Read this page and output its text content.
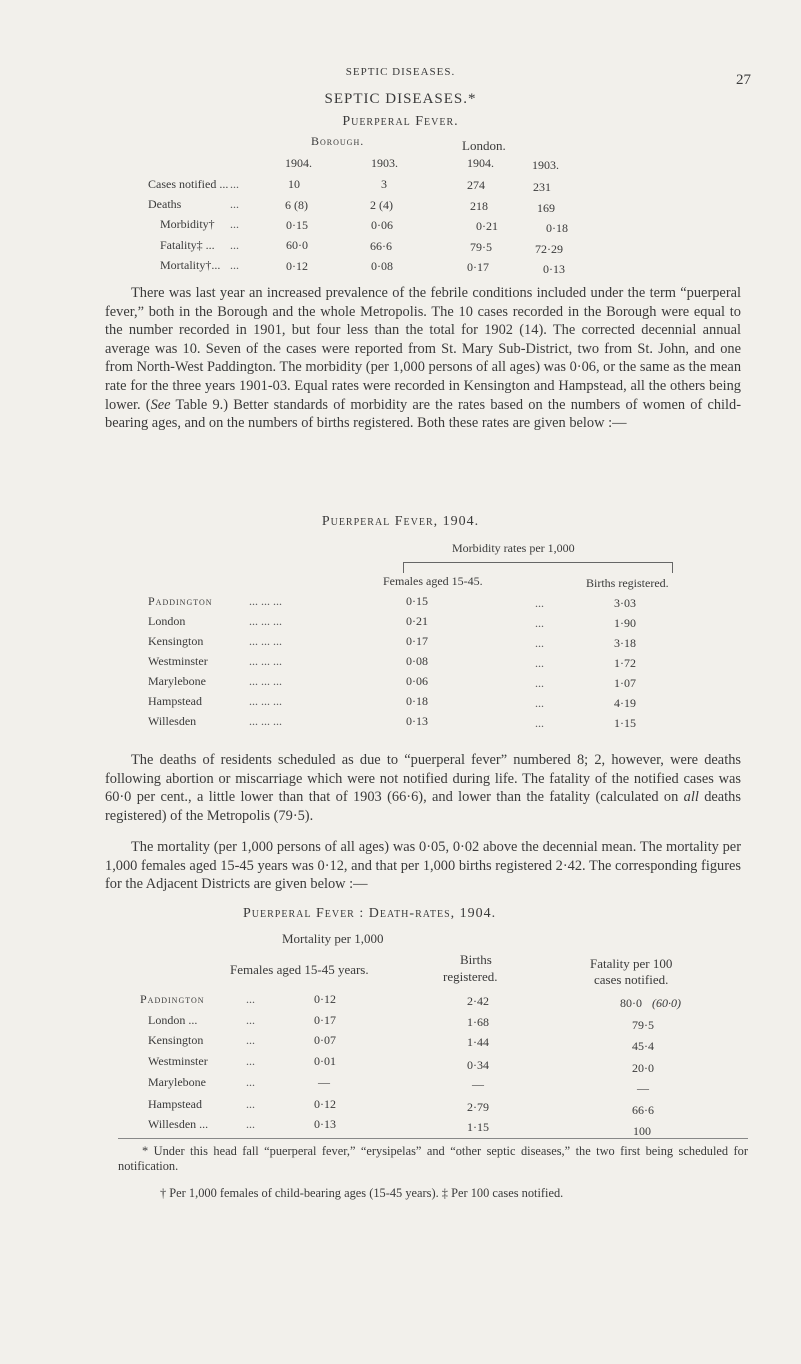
SEPTIC DISEASES.	27
SEPTIC DISEASES.*
Puerperal Fever.
Borough.	London.
1904.	1903.	1904.	1903.
Cases notified ... ...	10	3	274	231
Deaths	...	6 (8)	2 (4)	218	169
Morbidity† ...	0·15	0·06	0·21	0·18
Fatality‡ ... ...	60·0	66·6	79·5	72·29
Mortality†... ...	0·12	0·08	0·17	0·13

There was last year an increased prevalence of the febrile conditions included under the term “puerperal fever,” both in the Borough and the whole Metropolis. The 10 cases recorded in the Borough were equal to the number recorded in 1901, but four less than the total for 1902 (14). The corrected decennial annual average was 10. Seven of the cases were reported from St. Mary Sub-District, two from St. John, and one from North-West Paddington. The morbidity (per 1,000 persons of all ages) was 0·06, or the same as the mean rate for the three years 1901-03. Equal rates were recorded in Kensington and Hampstead, all the others being lower. (See Table 9.) Better standards of morbidity are the rates based on the numbers of women of child-bearing ages, and on the numbers of births registered. Both these rates are given below :—

Puerperal Fever, 1904.
Morbidity rates per 1,000
Females aged 15-45.	Births registered.
Paddington	... ... ...	0·15	...	3·03
London	... ... ...	0·21	...	1·90
Kensington	... ... ...	0·17	...	3·18
Westminster	... ... ...	0·08	...	1·72
Marylebone	... ... ...	0·06	...	1·07
Hampstead	... ... ...	0·18	...	4·19
Willesden	... ... ...	0·13	...	1·15

The deaths of residents scheduled as due to “puerperal fever” numbered 8; 2, however, were deaths following abortion or miscarriage which were not notified during life. The fatality of the notified cases was 60·0 per cent., a little lower than that of 1903 (66·6), and lower than the fatality (calculated on all deaths registered) of the Metropolis (79·5).

The mortality (per 1,000 persons of all ages) was 0·05, 0·02 above the decennial mean. The mortality per 1,000 females aged 15-45 years was 0·12, and that per 1,000 births registered 2·42. The corresponding figures for the Adjacent Districts are given below :—

Puerperal Fever : Death-rates, 1904.
Mortality per 1,000
Females aged 15-45 years.
Births
registered.
Fatality per 100
cases notified.
Paddington	...	0·12	2·42	80·0 (60·0)
London ...	...	0·17	1·68	79·5
Kensington	...	0·07	1·44	45·4
Westminster	...	0·01	0·34	20·0
Marylebone	...	—	—	—
Hampstead	...	0·12	2·79	66·6
Willesden ...	...	0·13	1·15	100

* Under this head fall “puerperal fever,” “erysipelas” and “other septic diseases,” the two first being scheduled for notification.

† Per 1,000 females of child-bearing ages (15-45 years). ‡ Per 100 cases notified.
